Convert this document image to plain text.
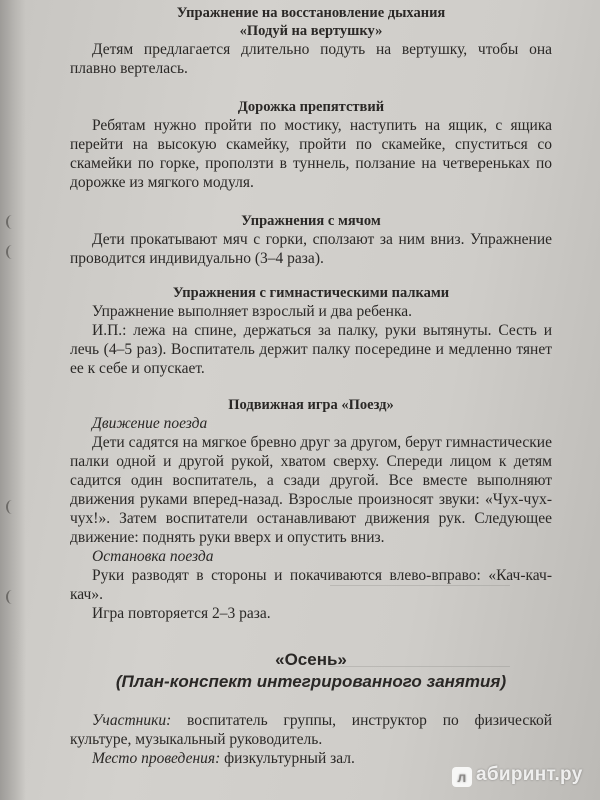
Упражнение на восстановление дыхания

«Подуй на вертушку»

Детям предлагается длительно подуть на вертушку, чтобы она плавно вертелась.

Дорожка препятствий

Ребятам нужно пройти по мостику, наступить на ящик, с ящика перейти на высокую скамейку, пройти по скамейке, спуститься со скамейки по горке, проползти в туннель, ползание на четвереньках по дорожке из мягкого модуля.

Упражнения с мячом

Дети прокатывают мяч с горки, сползают за ним вниз. Упражнение проводится индивидуально (3–4 раза).

Упражнения с гимнастическими палками

Упражнение выполняет взрослый и два ребенка.

И.П.: лежа на спине, держаться за палку, руки вытянуты. Сесть и лечь (4–5 раз). Воспитатель держит палку посередине и медленно тянет ее к себе и опускает.

Подвижная игра «Поезд»

Движение поезда

Дети садятся на мягкое бревно друг за другом, берут гимнастические палки одной и другой рукой, хватом сверху. Спереди лицом к детям садится один воспитатель, а сзади другой. Все вместе выполняют движения руками вперед-назад. Взрослые произносят звуки: «Чух-чух-чух!». Затем воспитатели останавливают движения рук. Следующее движение: поднять руки вверх и опустить вниз.

Остановка поезда

Руки разводят в стороны и покачиваются влево-вправо: «Кач-кач-кач».

Игра повторяется 2–3 раза.

«Осень»

(План-конспект интегрированного занятия)

Участники: воспитатель группы, инструктор по физической культуре, музыкальный руководитель.

Место проведения: физкультурный зал.

л абиринт.ру
